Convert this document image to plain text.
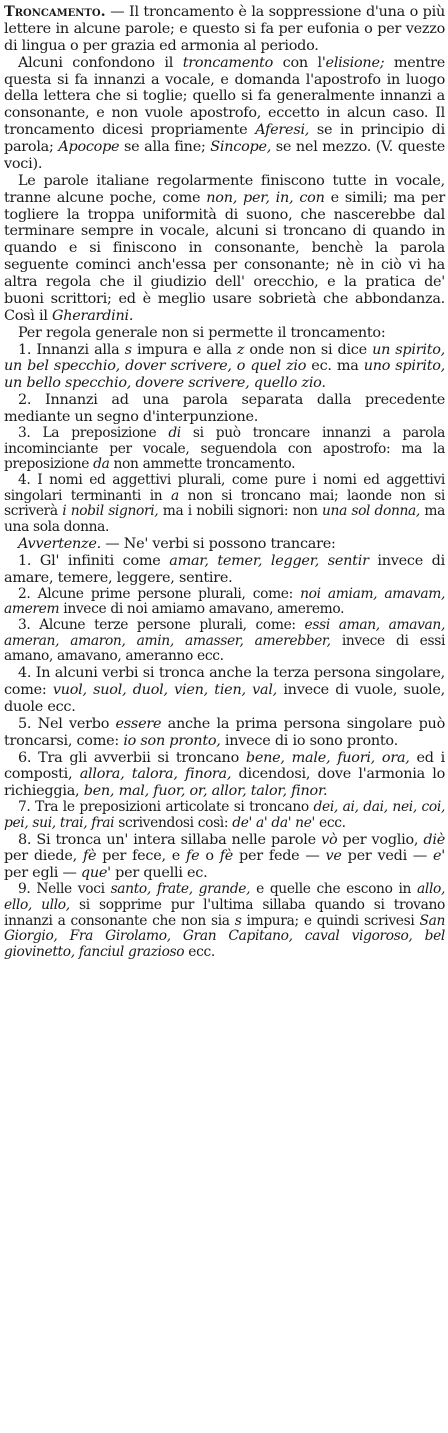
Troncamento. — Il troncamento è la soppressione d'una o più lettere in alcune parole; e questo si fa per eufonia o per vezzo di lingua o per grazia ed armonia al periodo.

Alcuni confondono il troncamento con l'elisione; mentre questa si fa innanzi a vocale, e domanda l'apostrofo in luogo della lettera che si toglie; quello si fa generalmente innanzi a consonante, e non vuole apostrofo, eccetto in alcun caso. Il troncamento dicesi propriamente Aferesi, se in principio di parola; Apocope se alla fine; Sincope, se nel mezzo. (V. queste voci).

Le parole italiane regolarmente finiscono tutte in vocale, tranne alcune poche, come non, per, in, con e simili; ma per togliere la troppa uniformità di suono, che nascerebbe dal terminare sempre in vocale, alcuni si troncano di quando in quando e si finiscono in consonante, benchè la parola seguente cominci anch'essa per consonante; nè in ciò vi ha altra regola che il giudizio dell' orecchio, e la pratica de' buoni scrittori; ed è meglio usare sobrietà che abbondanza. Così il Gherardini.

Per regola generale non si permette il troncamento:

1. Innanzi alla s impura e alla z onde non si dice un spirito, un bel specchio, dover scrivere, o quel zio ec. ma uno spirito, un bello specchio, dovere scrivere, quello zio.

2. Innanzi ad una parola separata dalla precedente mediante un segno d'interpunzione.

3. La preposizione di si può troncare innanzi a parola incominciante per vocale, seguendola con apostrofo: ma la preposizione da non ammette troncamento.

4. I nomi ed aggettivi plurali, come pure i nomi ed aggettivi singolari terminanti in a non si troncano mai; laonde non si scriverà i nobil signori, ma i nobili signori: non una sol donna, ma una sola donna.

Avvertenze. — Ne' verbi si possono trancare:

1. Gl' infiniti come amar, temer, legger, sentir invece di amare, temere, leggere, sentire.

2. Alcune prime persone plurali, come: noi amiam, amavam, amerem invece di noi amiamo amavano, ameremo.

3. Alcune terze persone plurali, come: essi aman, amavan, ameran, amaron, amin, amasser, amerebber, invece di essi amano, amavano, ameranno ecc.

4. In alcuni verbi si tronca anche la terza persona singolare, come: vuol, suol, duol, vien, tien, val, invece di vuole, suole, duole ecc.

5. Nel verbo essere anche la prima persona singolare può troncarsi, come: io son pronto, invece di io sono pronto.

6. Tra gli avverbii si troncano bene, male, fuori, ora, ed i composti, allora, talora, finora, dicendosi, dove l'armonia lo richieggia, ben, mal, fuor, or, allor, talor, finor.

7. Tra le preposizioni articolate si troncano dei, ai, dai, nei, coi, pei, sui, trai, frai scrivendosi così: de' a' da' ne' ecc.

8. Si tronca un' intera sillaba nelle parole vò per voglio, diè per diede, fè per fece, e fe o fè per fede — ve per vedi — e' per egli — que' per quelli ec.

9. Nelle voci santo, frate, grande, e quelle che escono in allo, ello, ullo, si sopprime pur l'ultima sillaba quando si trovano innanzi a consonante che non sia s impura; e quindi scrivesi San Giorgio, Fra Girolamo, Gran Capitano, caval vigoroso, bel giovinetto, fanciul grazioso ecc.
